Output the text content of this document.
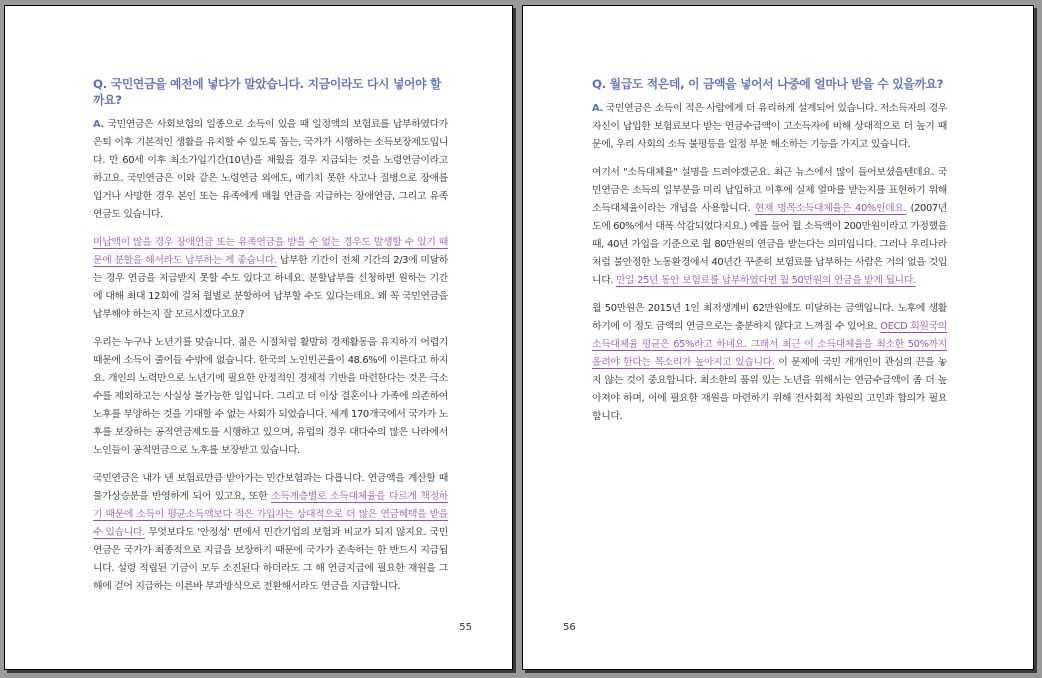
Q. 국민연금을 예전에 넣다가 말았습니다. 지금이라도 다시 넣어야 할까요?

A. 국민연금은 사회보험의 일종으로 소득이 있을 때 일정액의 보험료를 납부하였다가 은퇴 이후 기본적인 생활을 유지할 수 있도록 돕는, 국가가 시행하는 소득보장제도입니다. 만 60세 이후 최소가입기간(10년)을 채웠을 경우 지급되는 것을 노령연금이라고 하고요. 국민연금은 이와 같은 노령연금 외에도, 예기치 못한 사고나 질병으로 장애를 입거나 사망한 경우 본인 또는 유족에게 매월 연금을 지급하는 장애연금, 그리고 유족연금도 있습니다.

미납액이 많을 경우 장애연금 또는 유족연금을 받을 수 없는 경우도 발생할 수 있기 때문에 분할을 해서라도 납부하는 게 좋습니다. 납부한 기간이 전체 기간의 2/3에 미달하는 경우 연금을 지급받지 못할 수도 있다고 하네요. 분할납부를 신청하면 원하는 기간에 대해 최대 12회에 걸쳐 월별로 분할하여 납부할 수도 있다는데요. 왜 꼭 국민연금을 납부해야 하는지 잘 모르시겠다고요?

우리는 누구나 노년기를 맞습니다. 젊은 시절처럼 활발히 경제활동을 유지하기 어렵기 때문에 소득이 줄어들 수밖에 없습니다. 한국의 노인빈곤율이 48.6%에 이른다고 하지요. 개인의 노력만으로 노년기에 필요한 안정적인 경제적 기반을 마련한다는 것은 극소수를 제외하고는 사실상 불가능한 일입니다. 그리고 더 이상 결혼이나 가족에 의존하여 노후를 부양하는 것을 기대할 수 없는 사회가 되었습니다. 세계 170개국에서 국가가 노후를 보장하는 공적연금제도를 시행하고 있으며, 유럽의 경우 대다수의 많은 나라에서 노인들이 공적연금으로 노후를 보장받고 있습니다.

국민연금은 내가 낸 보험료만큼 받아가는 민간보험과는 다릅니다. 연금액을 계산할 때 물가상승분을 반영하게 되어 있고요, 또한 소득계층별로 소득대체율을 다르게 책정하기 때문에 소득이 평균소득액보다 적은 가입자는 상대적으로 더 많은 연금혜택을 받을 수 있습니다. 무엇보다도 '안정성' 면에서 민간기업의 보험과 비교가 되지 않지요. 국민연금은 국가가 최종적으로 지급을 보장하기 때문에 국가가 존속하는 한 반드시 지급됩니다. 설령 적립된 기금이 모두 소진된다 하더라도 그 해 연금지급에 필요한 재원을 그 해에 걷어 지급하는 이른바 부과방식으로 전환해서라도 연금을 지급합니다.

55

Q. 월급도 적은데, 이 금액을 넣어서 나중에 얼마나 받을 수 있을까요?

A. 국민연금은 소득이 적은 사람에게 더 유리하게 설계되어 있습니다. 저소득자의 경우 자신이 납입한 보험료보다 받는 연금수급액이 고소득자에 비해 상대적으로 더 높기 때문에, 우리 사회의 소득 불평등을 일정 부분 해소하는 기능을 가지고 있습니다.

여기서 "소득대체율" 설명을 드려야겠군요. 최근 뉴스에서 많이 들어보셨을텐데요. 국민연금은 소득의 일부분을 미리 납입하고 이후에 실제 얼마를 받는지를 표현하기 위해 소득대체율이라는 개념을 사용합니다. 현재 명목소득대체율은 40%인데요. (2007년도에 60%에서 대폭 삭감되었다지요.) 예를 들어 월 소득액이 200만원이라고 가정했을 때, 40년 가입을 기준으로 월 80만원의 연금을 받는다는 의미입니다. 그러나 우리나라처럼 불안정한 노동환경에서 40년간 꾸준히 보험료를 납부하는 사람은 거의 없을 것입니다. 만일 25년 동안 보험료를 납부하였다면 월 50만원의 연금을 받게 됩니다.

월 50만원은 2015년 1인 최저생계비 62만원에도 미달하는 금액입니다. 노후에 생활하기에 이 정도 금액의 연금으로는 충분하지 않다고 느껴질 수 있어요. OECD 회원국의 소득대체율 평균은 65%라고 하네요. 그래서 최근 이 소득대체율을 최소한 50%까지 올려야 한다는 목소리가 높아지고 있습니다. 이 문제에 국민 개개인이 관심의 끈을 놓지 않는 것이 중요합니다. 최소한의 품위 있는 노년을 위해서는 연금수급액이 좀 더 높아져야 하며, 이에 필요한 재원을 마련하기 위해 전사회적 차원의 고민과 합의가 필요합니다.

56
